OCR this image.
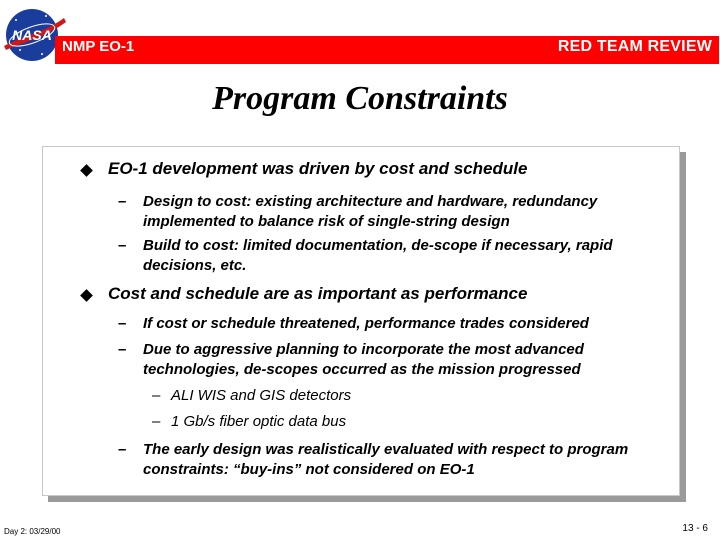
NASA
NMP EO-1	RED TEAM REVIEW
Program Constraints
EO-1 development was driven by cost and schedule
– Design to cost: existing architecture and hardware, redundancy implemented to balance risk of single-string design
– Build to cost: limited documentation, de-scope if necessary, rapid decisions, etc.
Cost and schedule are as important as performance
– If cost or schedule threatened, performance trades considered
– Due to aggressive planning to incorporate the most advanced technologies, de-scopes occurred as the mission progressed
– ALI WIS and GIS detectors
– 1 Gb/s fiber optic data bus
– The early design was realistically evaluated with respect to program constraints: “buy-ins” not considered on EO-1
Day 2: 03/29/00	13 - 6
